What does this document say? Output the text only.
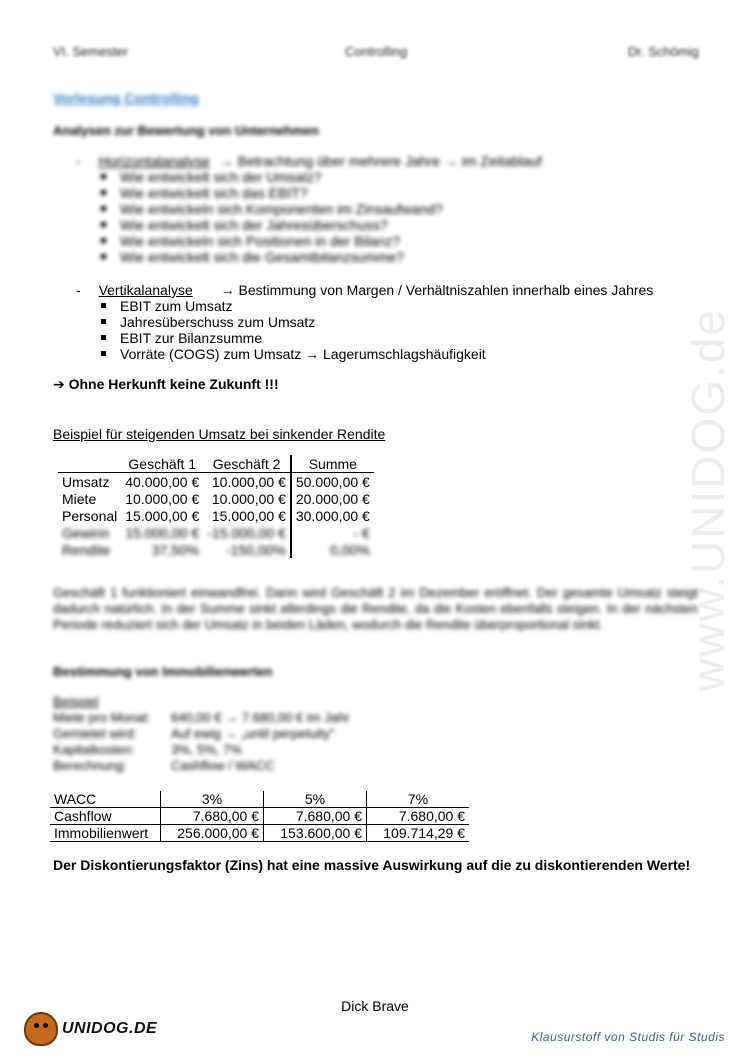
VI. Semester	Controlling	Dr. Schömig
www.UNIDOG.de
Vorlesung Controlling
Analysen zur Bewertung von Unternehmen
- Horizontalanalyse → Betrachtung über mehrere Jahre → im Zeitablauf
Wie entwickelt sich der Umsatz?
Wie entwickelt sich das EBIT?
Wie entwickeln sich Komponenten im Zinsaufwand?
Wie entwickelt sich der Jahresüberschuss?
Wie entwickeln sich Positionen in der Bilanz?
Wie entwickelt sich die Gesamtbilanzsumme?
- Vertikalanalyse → Bestimmung von Margen / Verhältniszahlen innerhalb eines Jahres
EBIT zum Umsatz
Jahresüberschuss zum Umsatz
EBIT zur Bilanzsumme
Vorräte (COGS) zum Umsatz → Lagerumschlagshäufigkeit
➔ Ohne Herkunft keine Zukunft !!!
Beispiel für steigenden Umsatz bei sinkender Rendite
	Geschäft 1	Geschäft 2	Summe
Umsatz	40.000,00 €	10.000,00 €	50.000,00 €
Miete	10.000,00 €	10.000,00 €	20.000,00 €
Personal	15.000,00 €	15.000,00 €	30.000,00 €
Gewinn	15.000,00 €	-15.000,00 €	- €
Rendite	37,50%	-150,00%	0,00%
Geschäft 1 funktioniert einwandfrei. Dann wird Geschäft 2 im Dezember eröffnet. Der gesamte Umsatz steigt dadurch natürlich. In der Summe sinkt allerdings die Rendite, da die Kosten ebenfalls steigen. In der nächsten Periode reduziert sich der Umsatz in beiden Läden, wodurch die Rendite überproportional sinkt.
Bestimmung von Immobilienwerten
Beispiel
Miete pro Monat: 640,00 € → 7.680,00 € im Jahr
Gemietet wird:	Auf ewig → „until perpetuity"
Kapitalkosten:	3%, 5%, 7%
Berechnung:	Cashflow / WACC
WACC	3%	5%	7%
Cashflow	7.680,00 €	7.680,00 €	7.680,00 €
Immobilienwert	256.000,00 €	153.600,00 €	109.714,29 €
Der Diskontierungsfaktor (Zins) hat eine massive Auswirkung auf die zu diskontierenden Werte!
Dick Brave
UNIDOG.DE	Klausurstoff von Studis für Studis
